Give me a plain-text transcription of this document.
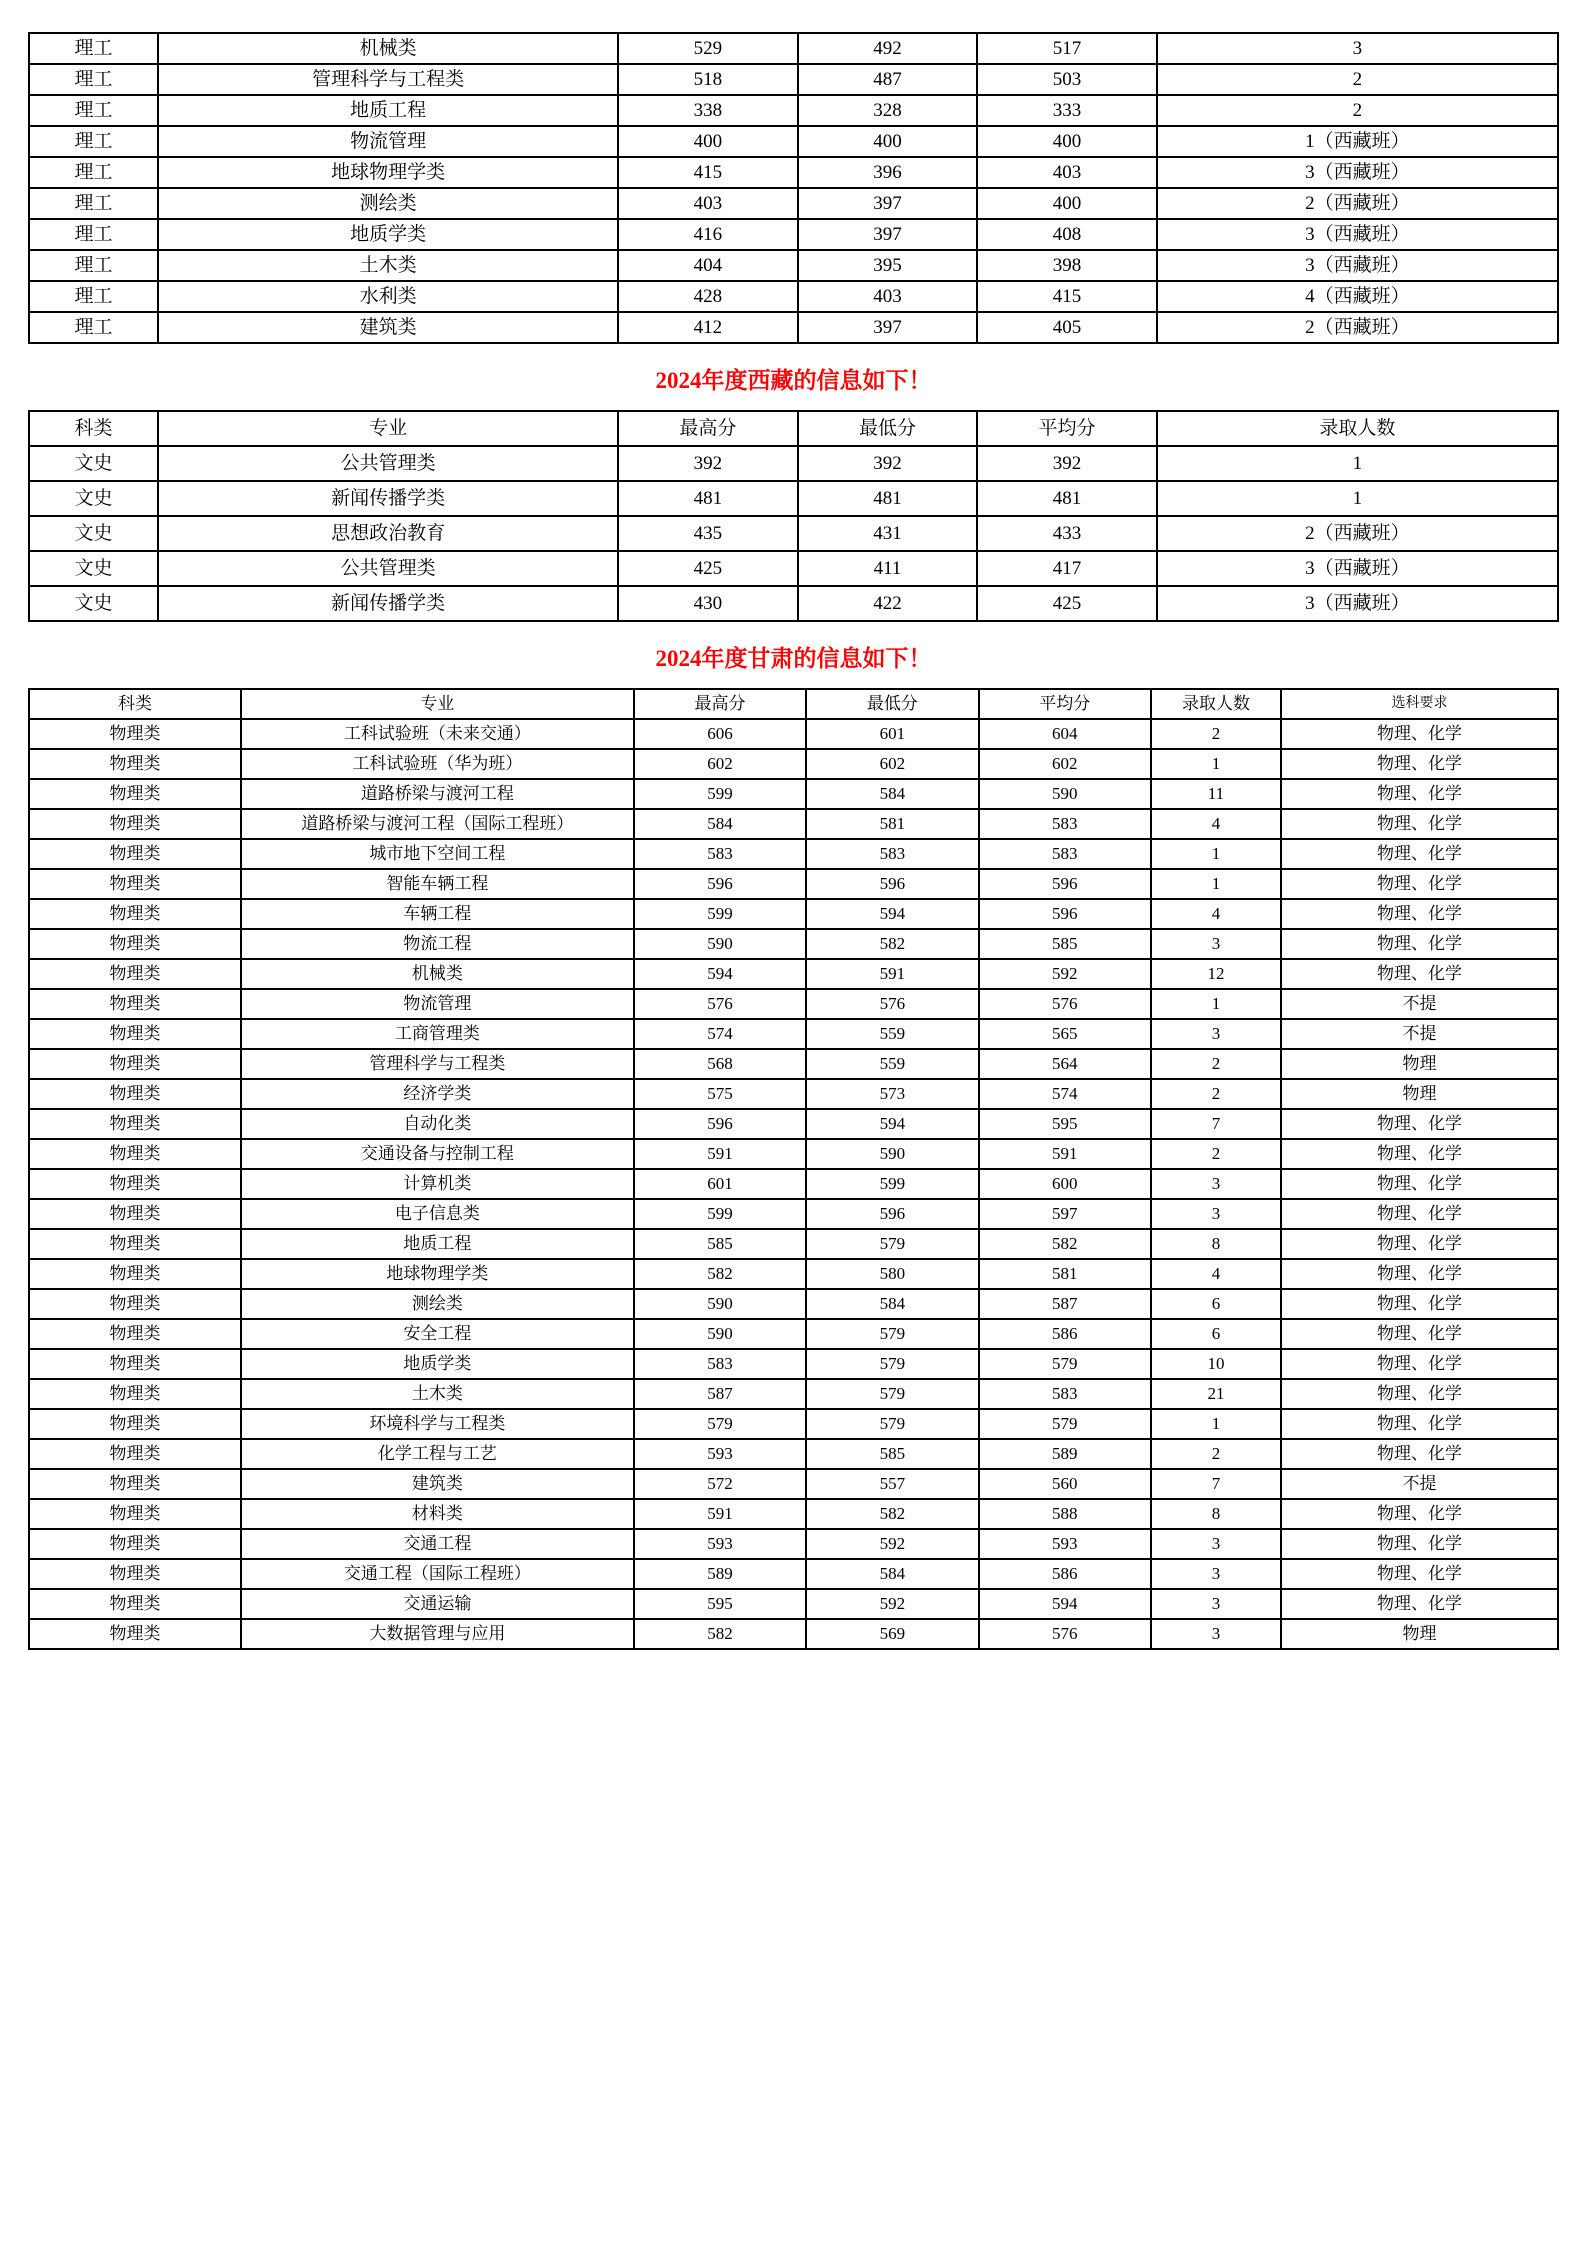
理工	机械类	529	492	517	3
理工	管理科学与工程类	518	487	503	2
理工	地质工程	338	328	333	2
理工	物流管理	400	400	400	1（西藏班）
理工	地球物理学类	415	396	403	3（西藏班）
理工	测绘类	403	397	400	2（西藏班）
理工	地质学类	416	397	408	3（西藏班）
理工	土木类	404	395	398	3（西藏班）
理工	水利类	428	403	415	4（西藏班）
理工	建筑类	412	397	405	2（西藏班）
2024年度西藏的信息如下！
科类	专业	最高分	最低分	平均分	录取人数
文史	公共管理类	392	392	392	1
文史	新闻传播学类	481	481	481	1
文史	思想政治教育	435	431	433	2（西藏班）
文史	公共管理类	425	411	417	3（西藏班）
文史	新闻传播学类	430	422	425	3（西藏班）
2024年度甘肃的信息如下！
科类	专业	最高分	最低分	平均分	录取人数	选科要求
物理类	工科试验班（未来交通）	606	601	604	2	物理、化学
物理类	工科试验班（华为班）	602	602	602	1	物理、化学
物理类	道路桥梁与渡河工程	599	584	590	11	物理、化学
物理类	道路桥梁与渡河工程（国际工程班）	584	581	583	4	物理、化学
物理类	城市地下空间工程	583	583	583	1	物理、化学
物理类	智能车辆工程	596	596	596	1	物理、化学
物理类	车辆工程	599	594	596	4	物理、化学
物理类	物流工程	590	582	585	3	物理、化学
物理类	机械类	594	591	592	12	物理、化学
物理类	物流管理	576	576	576	1	不提
物理类	工商管理类	574	559	565	3	不提
物理类	管理科学与工程类	568	559	564	2	物理
物理类	经济学类	575	573	574	2	物理
物理类	自动化类	596	594	595	7	物理、化学
物理类	交通设备与控制工程	591	590	591	2	物理、化学
物理类	计算机类	601	599	600	3	物理、化学
物理类	电子信息类	599	596	597	3	物理、化学
物理类	地质工程	585	579	582	8	物理、化学
物理类	地球物理学类	582	580	581	4	物理、化学
物理类	测绘类	590	584	587	6	物理、化学
物理类	安全工程	590	579	586	6	物理、化学
物理类	地质学类	583	579	579	10	物理、化学
物理类	土木类	587	579	583	21	物理、化学
物理类	环境科学与工程类	579	579	579	1	物理、化学
物理类	化学工程与工艺	593	585	589	2	物理、化学
物理类	建筑类	572	557	560	7	不提
物理类	材料类	591	582	588	8	物理、化学
物理类	交通工程	593	592	593	3	物理、化学
物理类	交通工程（国际工程班）	589	584	586	3	物理、化学
物理类	交通运输	595	592	594	3	物理、化学
物理类	大数据管理与应用	582	569	576	3	物理
